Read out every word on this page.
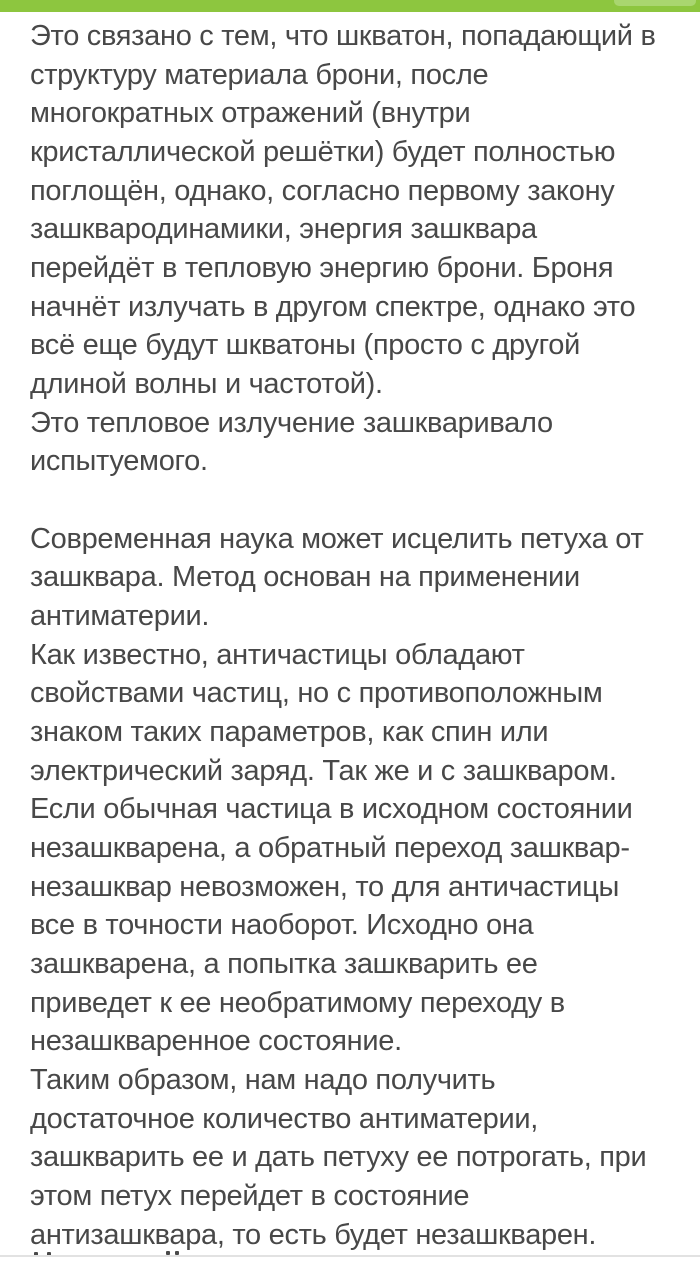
Это связано с тем, что шкватон, попадающий в
структуру материала брони, после
многократных отражений (внутри
кристаллической решётки) будет полностью
поглощён, однако, согласно первому закону
зашквародинамики, энергия зашквара
перейдёт в тепловую энергию брони. Броня
начнёт излучать в другом спектре, однако это
всё еще будут шкватоны (просто с другой
длиной волны и частотой).
Это тепловое излучение зашкваривало
испытуемого.
Современная наука может исцелить петуха от
зашквара. Метод основан на применении
антиматерии.
Как известно, античастицы обладают
свойствами частиц, но с противоположным
знаком таких параметров, как спин или
электрический заряд. Так же и с зашкваром.
Если обычная частица в исходном состоянии
незашкварена, а обратный переход зашквар-
незашквар невозможен, то для античастицы
все в точности наоборот. Исходно она
зашкварена, а попытка зашкварить ее
приведет к ее необратимому переходу в
незашкваренное состояние.
Таким образом, нам надо получить
достаточное количество антиматерии,
зашкварить ее и дать петуху ее потрогать, при
этом петух перейдет в состояние
антизашквара, то есть будет незашкварен.
